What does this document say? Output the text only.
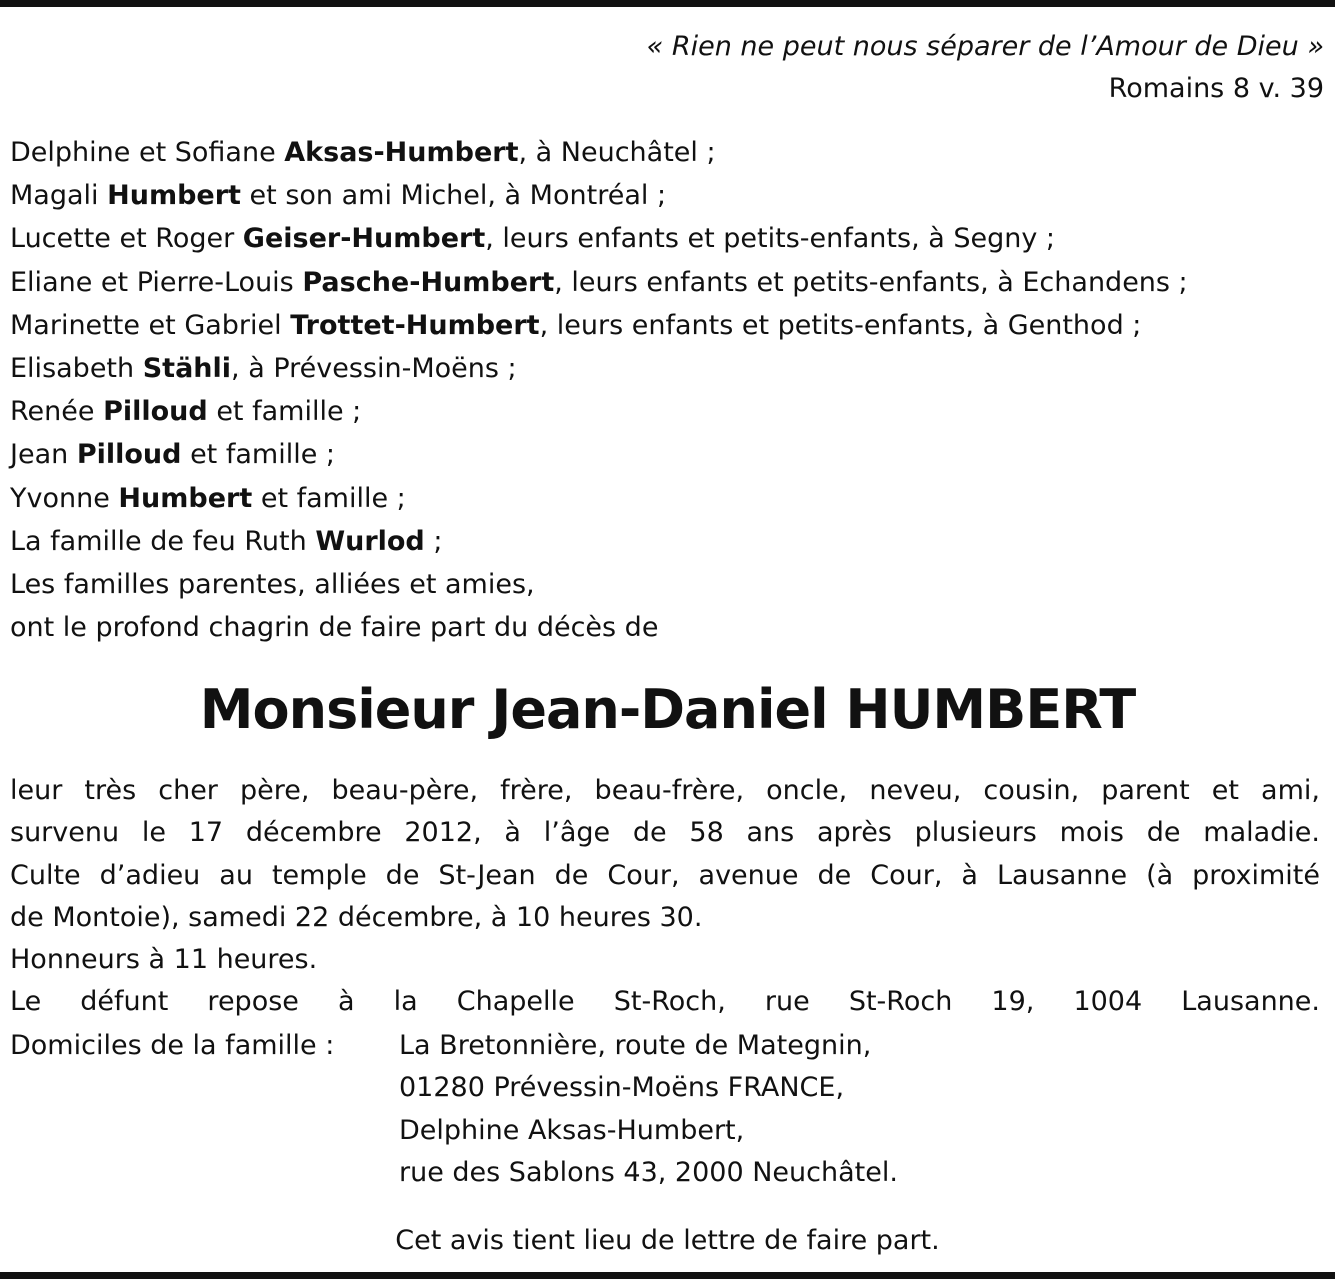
« Rien ne peut nous séparer de l’Amour de Dieu »
Romains 8 v. 39
Delphine et Sofiane Aksas-Humbert, à Neuchâtel ;
Magali Humbert et son ami Michel, à Montréal ;
Lucette et Roger Geiser-Humbert, leurs enfants et petits-enfants, à Segny ;
Eliane et Pierre-Louis Pasche-Humbert, leurs enfants et petits-enfants, à Echandens ;
Marinette et Gabriel Trottet-Humbert, leurs enfants et petits-enfants, à Genthod ;
Elisabeth Stähli, à Prévessin-Moëns ;
Renée Pilloud et famille ;
Jean Pilloud et famille ;
Yvonne Humbert et famille ;
La famille de feu Ruth Wurlod ;
Les familles parentes, alliées et amies,
ont le profond chagrin de faire part du décès de
Monsieur Jean-Daniel HUMBERT
leur très cher père, beau-père, frère, beau-frère, oncle, neveu, cousin, parent et ami,
survenu le 17 décembre 2012, à l’âge de 58 ans après plusieurs mois de maladie.
Culte d’adieu au temple de St-Jean de Cour, avenue de Cour, à Lausanne (à proximité
de Montoie), samedi 22 décembre, à 10 heures 30.
Honneurs à 11 heures.
Le défunt repose à la Chapelle St-Roch, rue St-Roch 19, 1004 Lausanne.
Domiciles de la famille : La Bretonnière, route de Mategnin,
01280 Prévessin-Moëns FRANCE,
Delphine Aksas-Humbert,
rue des Sablons 43, 2000 Neuchâtel.
Cet avis tient lieu de lettre de faire part.
